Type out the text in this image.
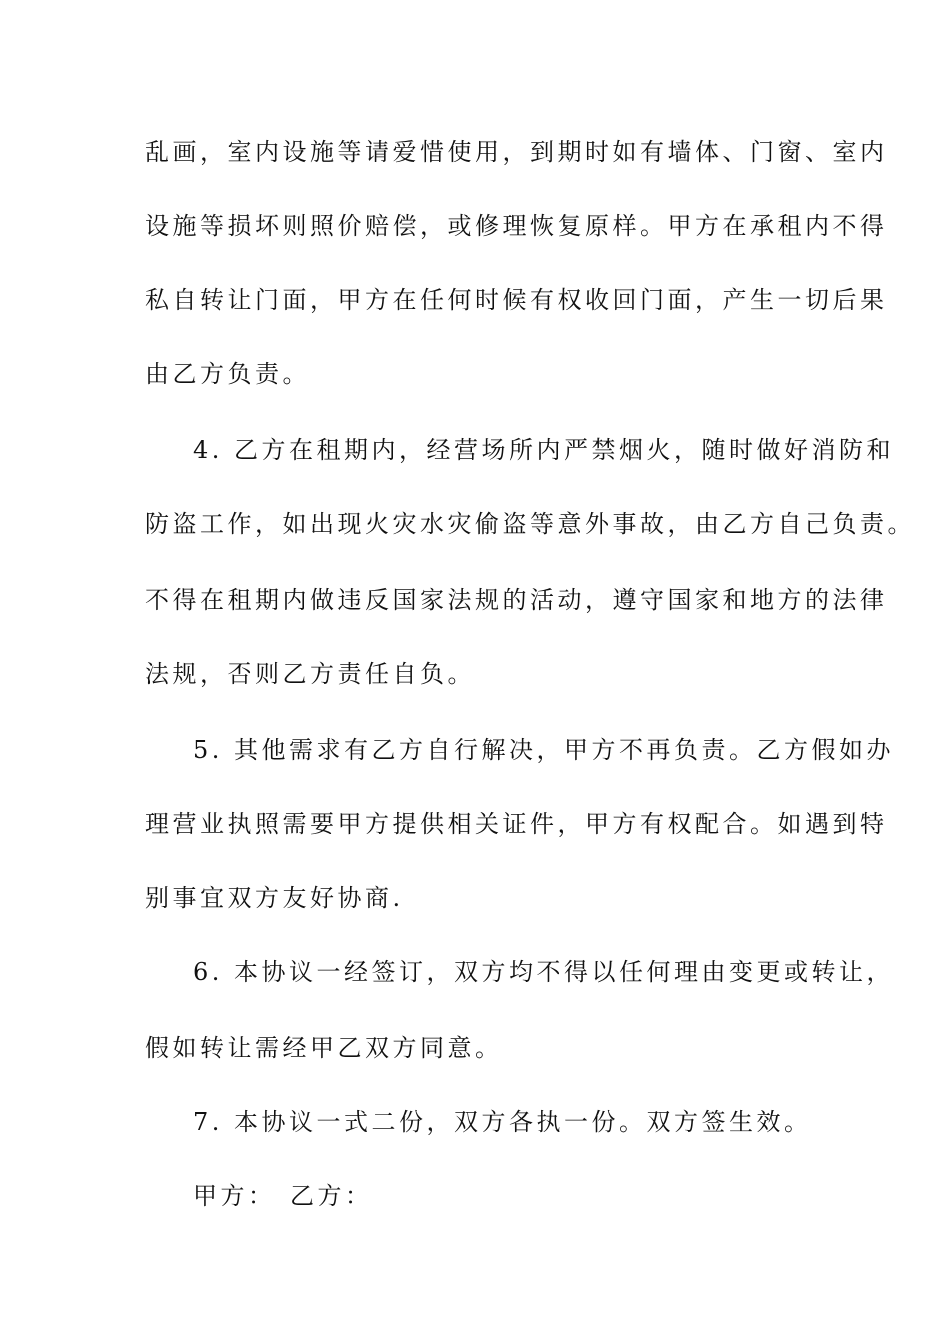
乱画，室内设施等请爱惜使用，到期时如有墙体、门窗、室内
设施等损坏则照价赔偿，或修理恢复原样。甲方在承租内不得
私自转让门面，甲方在任何时候有权收回门面，产生一切后果
由乙方负责。
4. 乙方在租期内，经营场所内严禁烟火，随时做好消防和
防盗工作，如出现火灾水灾偷盗等意外事故，由乙方自己负责。
不得在租期内做违反国家法规的活动，遵守国家和地方的法律
法规，否则乙方责任自负。
5. 其他需求有乙方自行解决，甲方不再负责。乙方假如办
理营业执照需要甲方提供相关证件，甲方有权配合。如遇到特
别事宜双方友好协商.
6. 本协议一经签订，双方均不得以任何理由变更或转让，
假如转让需经甲乙双方同意。
7. 本协议一式二份，双方各执一份。双方签生效。
甲方： 乙方：
